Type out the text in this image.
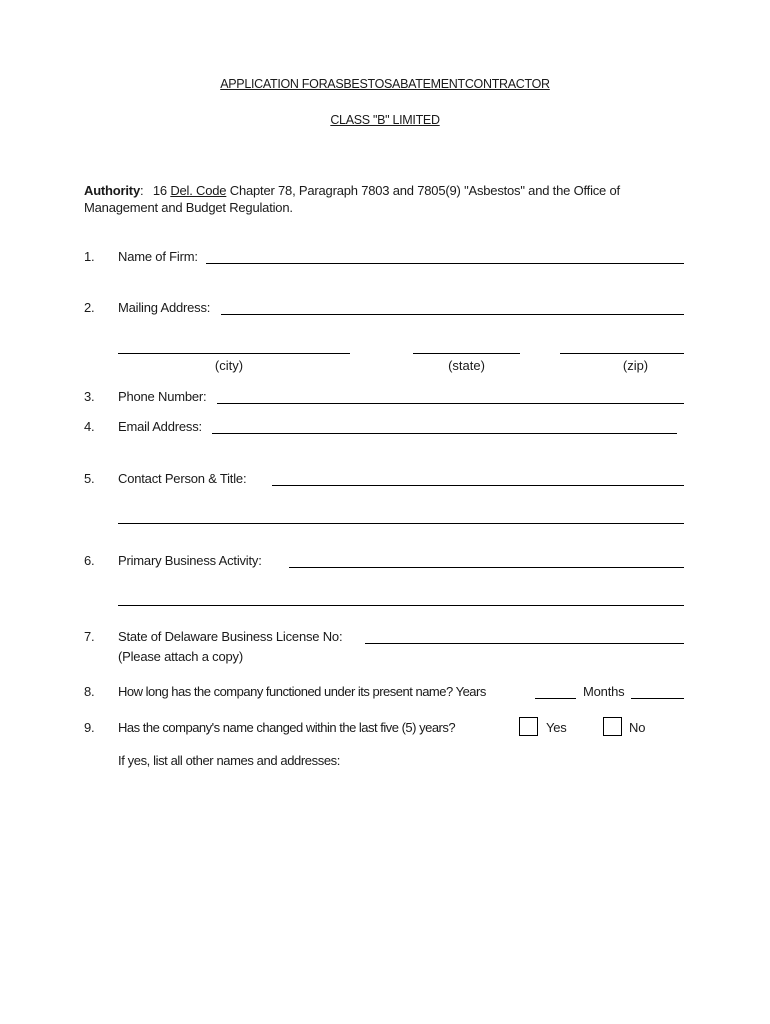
APPLICATION FORASBESTOSABATEMENTCONTRACTOR
CLASS "B" LIMITED
Authority: 16 Del. Code Chapter 78, Paragraph 7803 and 7805(9) "Asbestos" and the Office of
Management and Budget Regulation.
1. Name of Firm:
2. Mailing Address:
(city)	(state)	(zip)
3. Phone Number:
4. Email Address:
5. Contact Person & Title:
6. Primary Business Activity:
7. State of Delaware Business License No:
(Please attach a copy)
8. How long has the company functioned under its present name? Years	Months
9. Has the company's name changed within the last five (5) years?	Yes	No
If yes, list all other names and addresses:
